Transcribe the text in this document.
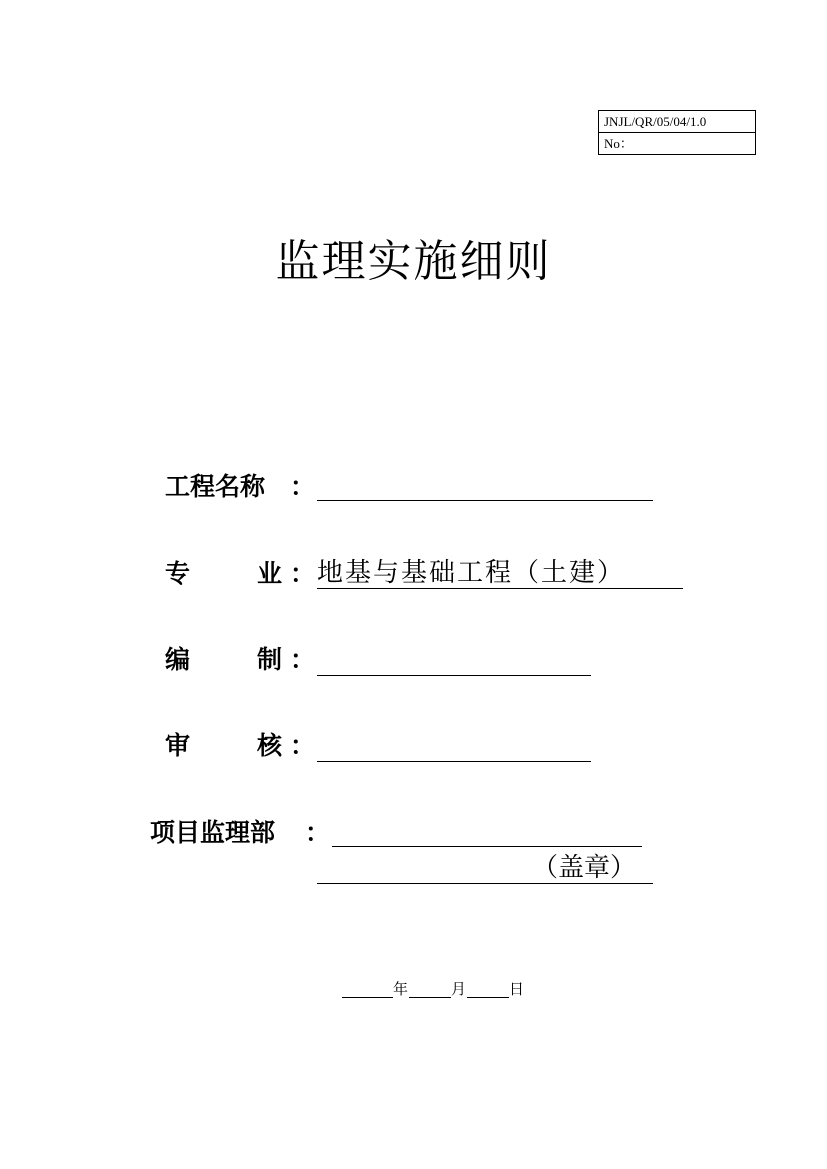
JNJL/QR/05/04/1.0
No：
监理实施细则
工程名称 ：
专	业 ： 地基与基础工程（土建）
编	制 ：
审	核 ：
项目监理部 ：
（盖章）
年	月	日
